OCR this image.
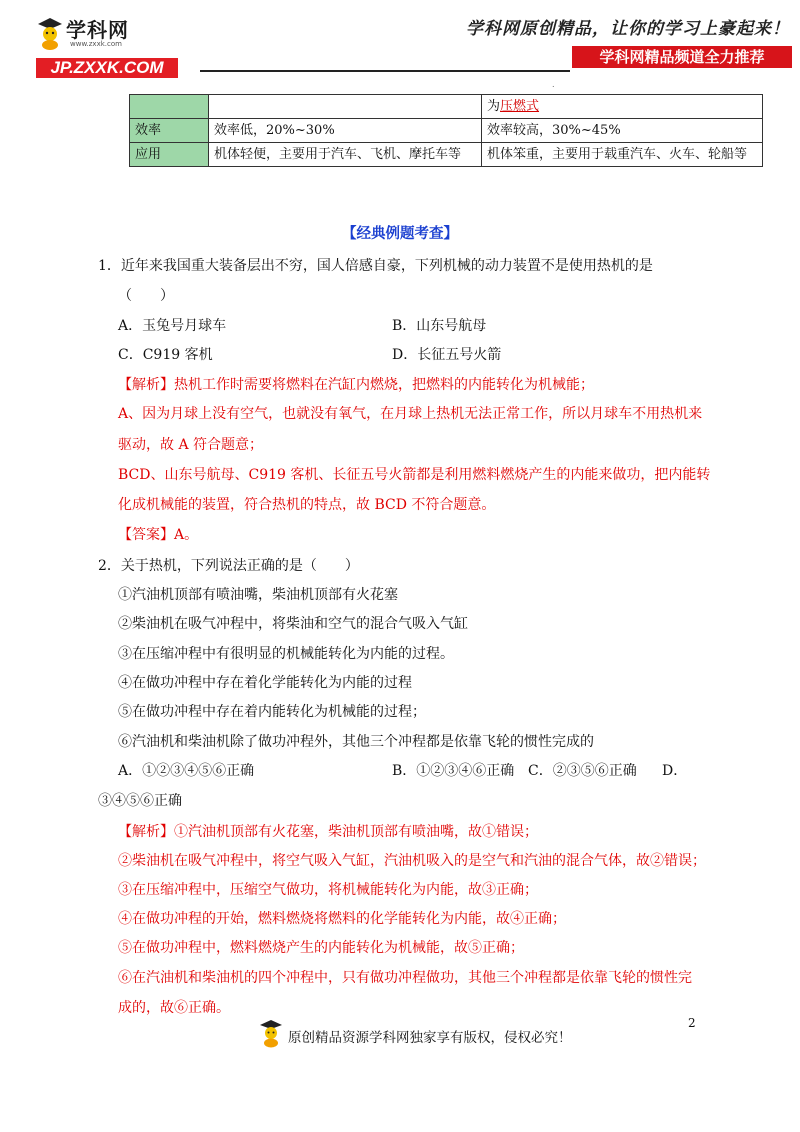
学科网
www.zxxk.com
JP.ZXXK.COM
学科网原创精品，让你的学习上豪起来！
学科网精品频道全力推荐
.
		为压燃式
效率	效率低，20%~30%	效率较高，30%~45%
应用	机体轻便，主要用于汽车、飞机、摩托车等	机体笨重，主要用于载重汽车、火车、轮船等
【经典例题考查】
1．近年来我国重大装备层出不穷，国人倍感自豪，下列机械的动力装置不是使用热机的是
（　　）
A．玉兔号月球车	B．山东号航母
C．C919 客机	D．长征五号火箭
【解析】热机工作时需要将燃料在汽缸内燃烧，把燃料的内能转化为机械能；
A、因为月球上没有空气，也就没有氧气，在月球上热机无法正常工作，所以月球车不用热机来
驱动，故 A 符合题意；
BCD、山东号航母、C919 客机、长征五号火箭都是利用燃料燃烧产生的内能来做功，把内能转
化成机械能的装置，符合热机的特点，故 BCD 不符合题意。
【答案】A。
2．关于热机，下列说法正确的是（　　）
①汽油机顶部有喷油嘴，柴油机顶部有火花塞
②柴油机在吸气冲程中，将柴油和空气的混合气吸入气缸
③在压缩冲程中有很明显的机械能转化为内能的过程。
④在做功冲程中存在着化学能转化为内能的过程
⑤在做功冲程中存在着内能转化为机械能的过程；
⑥汽油机和柴油机除了做功冲程外，其他三个冲程都是依靠飞轮的惯性完成的
A．①②③④⑤⑥正确	B．①②③④⑥正确 C．②③⑤⑥正确 D．
③④⑤⑥正确
【解析】①汽油机顶部有火花塞，柴油机顶部有喷油嘴，故①错误；
②柴油机在吸气冲程中，将空气吸入气缸，汽油机吸入的是空气和汽油的混合气体，故②错误；
③在压缩冲程中，压缩空气做功，将机械能转化为内能，故③正确；
④在做功冲程的开始，燃料燃烧将燃料的化学能转化为内能，故④正确；
⑤在做功冲程中，燃料燃烧产生的内能转化为机械能，故⑤正确；
⑥在汽油机和柴油机的四个冲程中，只有做功冲程做功，其他三个冲程都是依靠飞轮的惯性完
成的，故⑥正确。
2
原创精品资源学科网独家享有版权，侵权必究！
